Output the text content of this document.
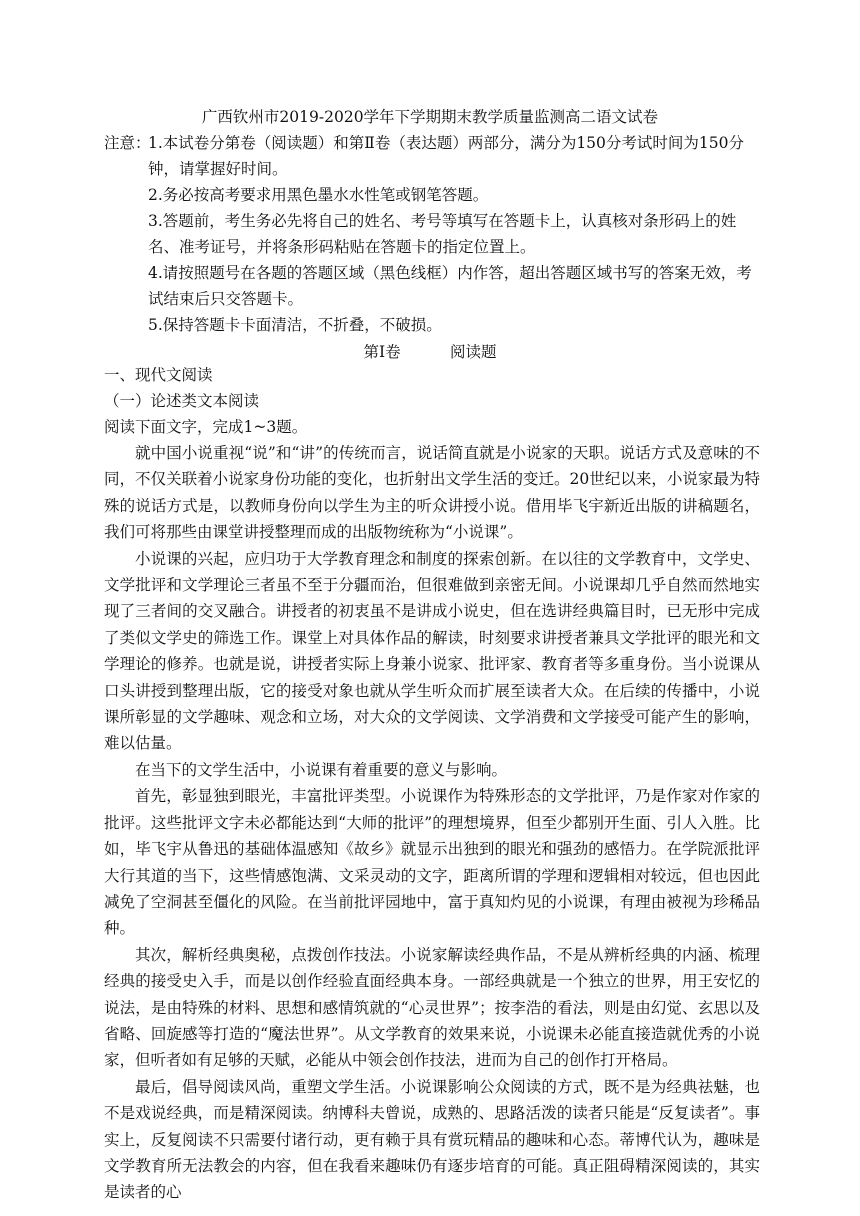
广西钦州市2019-2020学年下学期期末教学质量监测高二语文试卷
注意：
1.本试卷分第卷（阅读题）和第Ⅱ卷（表达题）两部分，满分为150分考试时间为150分钟，请掌握好时间。
2.务必按高考要求用黑色墨水水性笔或钢笔答题。
3.答题前，考生务必先将自己的姓名、考号等填写在答题卡上，认真核对条形码上的姓名、准考证号，并将条形码粘贴在答题卡的指定位置上。
4.请按照题号在各题的答题区域（黑色线框）内作答，超出答题区域书写的答案无效，考试结束后只交答题卡。
5.保持答题卡卡面清洁，不折叠，不破损。
第Ⅰ卷          阅读题
一、现代文阅读
（一）论述类文本阅读
阅读下面文字，完成1~3题。

就中国小说重视“说”和“讲”的传统而言，说话简直就是小说家的天职。说话方式及意味的不同，不仅关联着小说家身份功能的变化，也折射出文学生活的变迁。20世纪以来，小说家最为特殊的说话方式是，以教师身份向以学生为主的听众讲授小说。借用毕飞宇新近出版的讲稿题名，我们可将那些由课堂讲授整理而成的出版物统称为“小说课”。

小说课的兴起，应归功于大学教育理念和制度的探索创新。在以往的文学教育中，文学史、文学批评和文学理论三者虽不至于分疆而治，但很难做到亲密无间。小说课却几乎自然而然地实现了三者间的交叉融合。讲授者的初衷虽不是讲成小说史，但在选讲经典篇目时，已无形中完成了类似文学史的筛选工作。课堂上对具体作品的解读，时刻要求讲授者兼具文学批评的眼光和文学理论的修养。也就是说，讲授者实际上身兼小说家、批评家、教育者等多重身份。当小说课从口头讲授到整理出版，它的接受对象也就从学生听众而扩展至读者大众。在后续的传播中，小说课所彰显的文学趣味、观念和立场，对大众的文学阅读、文学消费和文学接受可能产生的影响，难以估量。

在当下的文学生活中，小说课有着重要的意义与影响。

首先，彰显独到眼光，丰富批评类型。小说课作为特殊形态的文学批评，乃是作家对作家的批评。这些批评文字未必都能达到“大师的批评”的理想境界，但至少都别开生面、引人入胜。比如，毕飞宇从鲁迅的基础体温感知《故乡》就显示出独到的眼光和强劲的感悟力。在学院派批评大行其道的当下，这些情感饱满、文采灵动的文字，距离所谓的学理和逻辑相对较远，但也因此减免了空洞甚至僵化的风险。在当前批评园地中，富于真知灼见的小说课，有理由被视为珍稀品种。

其次，解析经典奥秘，点拨创作技法。小说家解读经典作品，不是从辨析经典的内涵、梳理经典的接受史入手，而是以创作经验直面经典本身。一部经典就是一个独立的世界，用王安忆的说法，是由特殊的材料、思想和感情筑就的“心灵世界”；按李浩的看法，则是由幻觉、玄思以及省略、回旋感等打造的“魔法世界”。从文学教育的效果来说，小说课未必能直接造就优秀的小说家，但听者如有足够的天赋，必能从中领会创作技法，进而为自己的创作打开格局。

最后，倡导阅读风尚，重塑文学生活。小说课影响公众阅读的方式，既不是为经典祛魅，也不是戏说经典，而是精深阅读。纳博科夫曾说，成熟的、思路活泼的读者只能是“反复读者”。事实上，反复阅读不只需要付诸行动，更有赖于具有赏玩精品的趣味和心态。蒂博代认为，趣味是文学教育所无法教会的内容，但在我看来趣味仍有逐步培育的可能。真正阻碍精深阅读的，其实是读者的心
